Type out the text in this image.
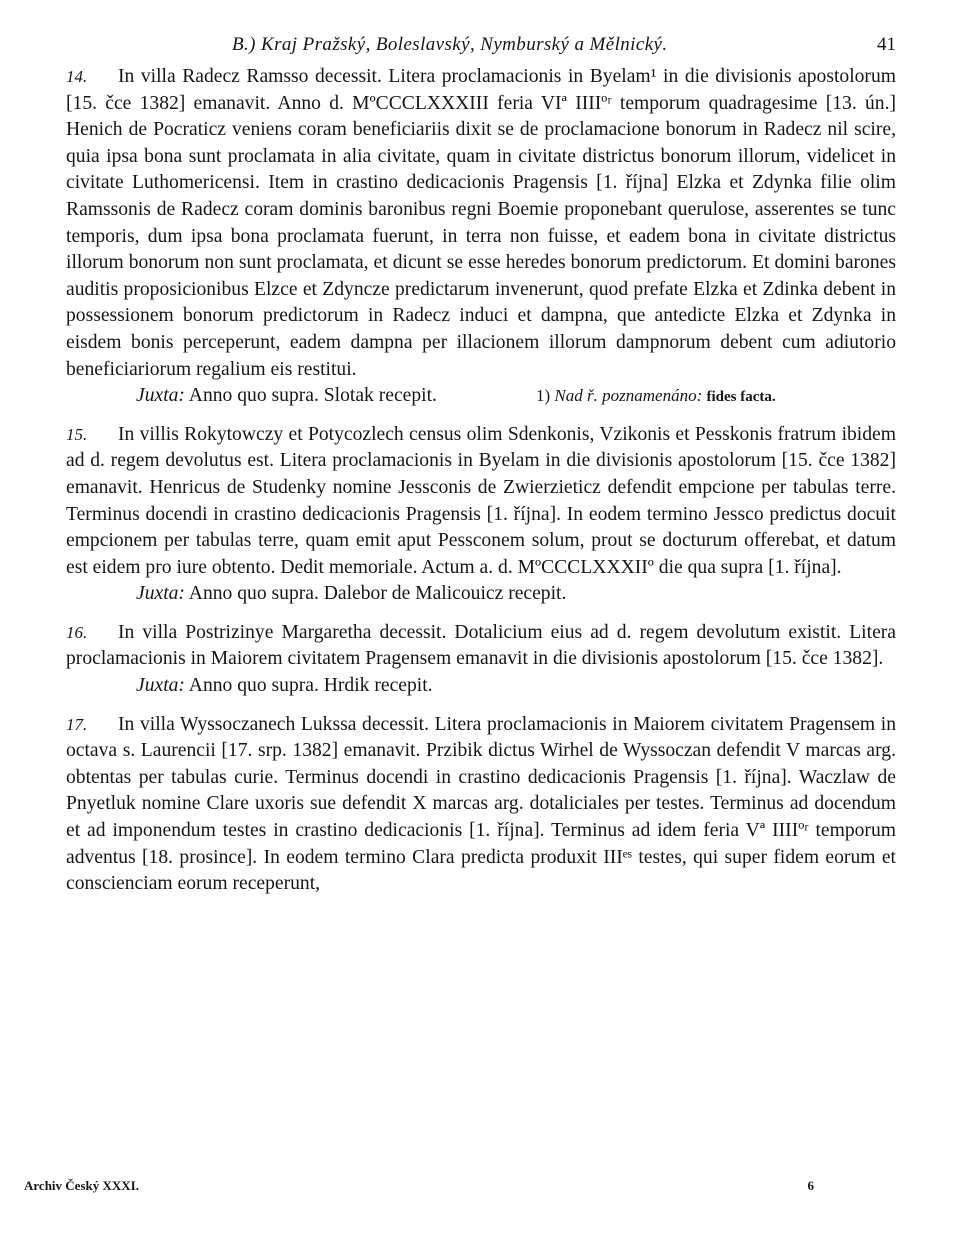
B.) Kraj Pražský, Boleslavský, Nymburský a Mělnický.	41

14. In villa Radecz Ramsso decessit. Litera proclamacionis in Byelam¹ in die divisionis apostolorum [15. čce 1382] emanavit. Anno d. MºCCCLXXXIII feria VIª IIIIºʳ temporum quadragesime [13. ún.] Henich de Pocraticz veniens coram beneficiariis dixit se de proclamacione bonorum in Radecz nil scire, quia ipsa bona sunt proclamata in alia civitate, quam in civitate districtus bonorum illorum, videlicet in civitate Luthomericensi. Item in crastino dedicacionis Pragensis [1. října] Elzka et Zdynka filie olim Ramssonis de Radecz coram dominis baronibus regni Boemie proponebant querulose, asserentes se tunc temporis, dum ipsa bona proclamata fuerunt, in terra non fuisse, et eadem bona in civitate districtus illorum bonorum non sunt proclamata, et dicunt se esse heredes bonorum predictorum. Et domini barones auditis proposicionibus Elzce et Zdyncze predictarum invenerunt, quod prefate Elzka et Zdinka debent in possessionem bonorum predictorum in Radecz induci et dampna, que antedicte Elzka et Zdynka in eisdem bonis perceperunt, eadem dampna per illacionem illorum dampnorum debent cum adiutorio beneficiariorum regalium eis restitui.

Juxta: Anno quo supra. Slotak recepit.	1) Nad ř. poznamenáno: fides facta.

15. In villis Rokytowczy et Potycozlech census olim Sdenkonis, Vzikonis et Pesskonis fratrum ibidem ad d. regem devolutus est. Litera proclamacionis in Byelam in die divisionis apostolorum [15. čce 1382] emanavit. Henricus de Studenky nomine Jessconis de Zwierzieticz defendit empcione per tabulas terre. Terminus docendi in crastino dedicacionis Pragensis [1. října]. In eodem termino Jessco predictus docuit empcionem per tabulas terre, quam emit aput Pessconem solum, prout se docturum offerebat, et datum est eidem pro iure obtento. Dedit memoriale. Actum a. d. MºCCCLXXXIIº die qua supra [1. října].

Juxta: Anno quo supra. Dalebor de Malicouicz recepit.

16. In villa Postrizinye Margaretha decessit. Dotalicium eius ad d. regem devolutum existit. Litera proclamacionis in Maiorem civitatem Pragensem emanavit in die divisionis apostolorum [15. čce 1382].

Juxta: Anno quo supra. Hrdik recepit.

17. In villa Wyssoczanech Lukssa decessit. Litera proclamacionis in Maiorem civitatem Pragensem in octava s. Laurencii [17. srp. 1382] emanavit. Przibik dictus Wirhel de Wyssoczan defendit V marcas arg. obtentas per tabulas curie. Terminus docendi in crastino dedicacionis Pragensis [1. října]. Waczlaw de Pnyetluk nomine Clare uxoris sue defendit X marcas arg. dotaliciales per testes. Terminus ad docendum et ad imponendum testes in crastino dedicacionis [1. října]. Terminus ad idem feria Vª IIIIºʳ temporum adventus [18. prosince]. In eodem termino Clara predicta produxit IIIᵉˢ testes, qui super fidem eorum et conscienciam eorum receperunt,

Archiv Český XXXI.	6
